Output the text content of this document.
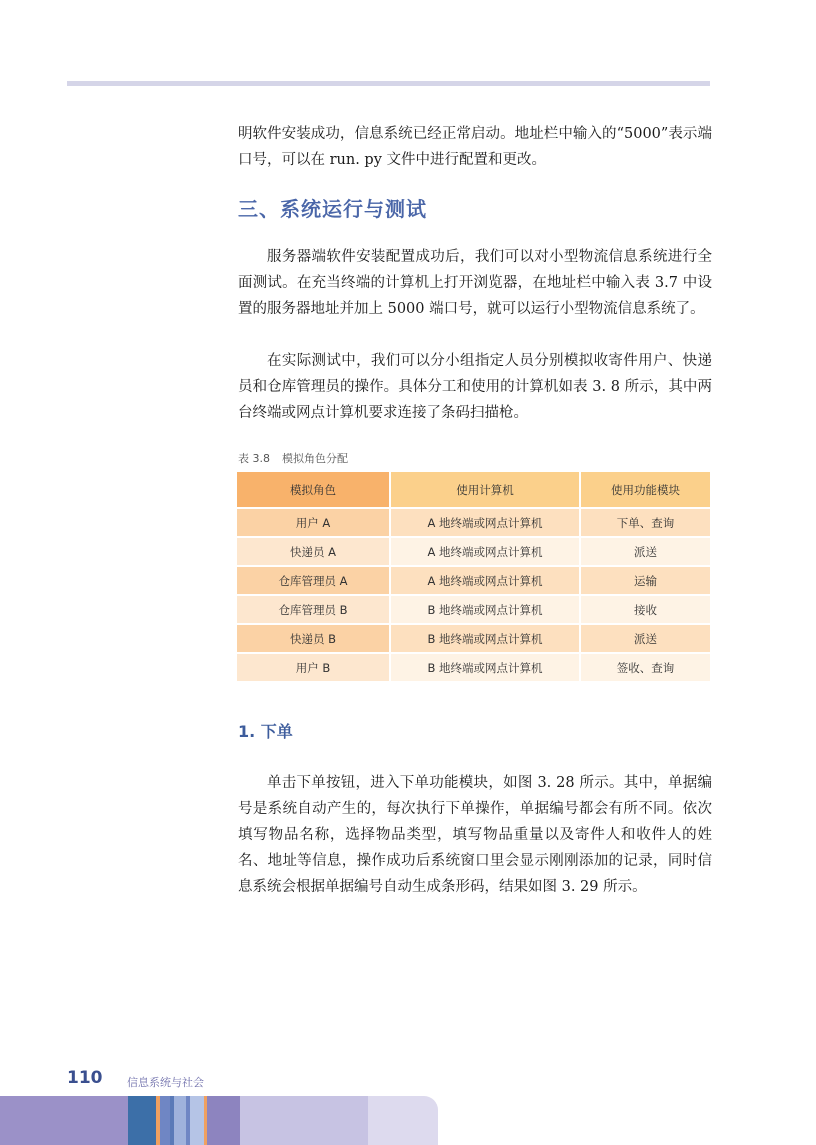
明软件安装成功，信息系统已经正常启动。地址栏中输入的“5000”表示端口号，可以在 run. py 文件中进行配置和更改。

三、系统运行与测试

服务器端软件安装配置成功后，我们可以对小型物流信息系统进行全面测试。在充当终端的计算机上打开浏览器，在地址栏中输入表 3.7 中设置的服务器地址并加上 5000 端口号，就可以运行小型物流信息系统了。

在实际测试中，我们可以分小组指定人员分别模拟收寄件用户、快递员和仓库管理员的操作。具体分工和使用的计算机如表 3. 8 所示，其中两台终端或网点计算机要求连接了条码扫描枪。

表 3.8 模拟角色分配
模拟角色	使用计算机	使用功能模块
用户 A	A 地终端或网点计算机	下单、查询
快递员 A	A 地终端或网点计算机	派送
仓库管理员 A	A 地终端或网点计算机	运输
仓库管理员 B	B 地终端或网点计算机	接收
快递员 B	B 地终端或网点计算机	派送
用户 B	B 地终端或网点计算机	签收、查询
1. 下单

单击下单按钮，进入下单功能模块，如图 3. 28 所示。其中，单据编号是系统自动产生的，每次执行下单操作，单据编号都会有所不同。依次填写物品名称，选择物品类型，填写物品重量以及寄件人和收件人的姓名、地址等信息，操作成功后系统窗口里会显示刚刚添加的记录，同时信息系统会根据单据编号自动生成条形码，结果如图 3. 29 所示。

110 信息系统与社会
